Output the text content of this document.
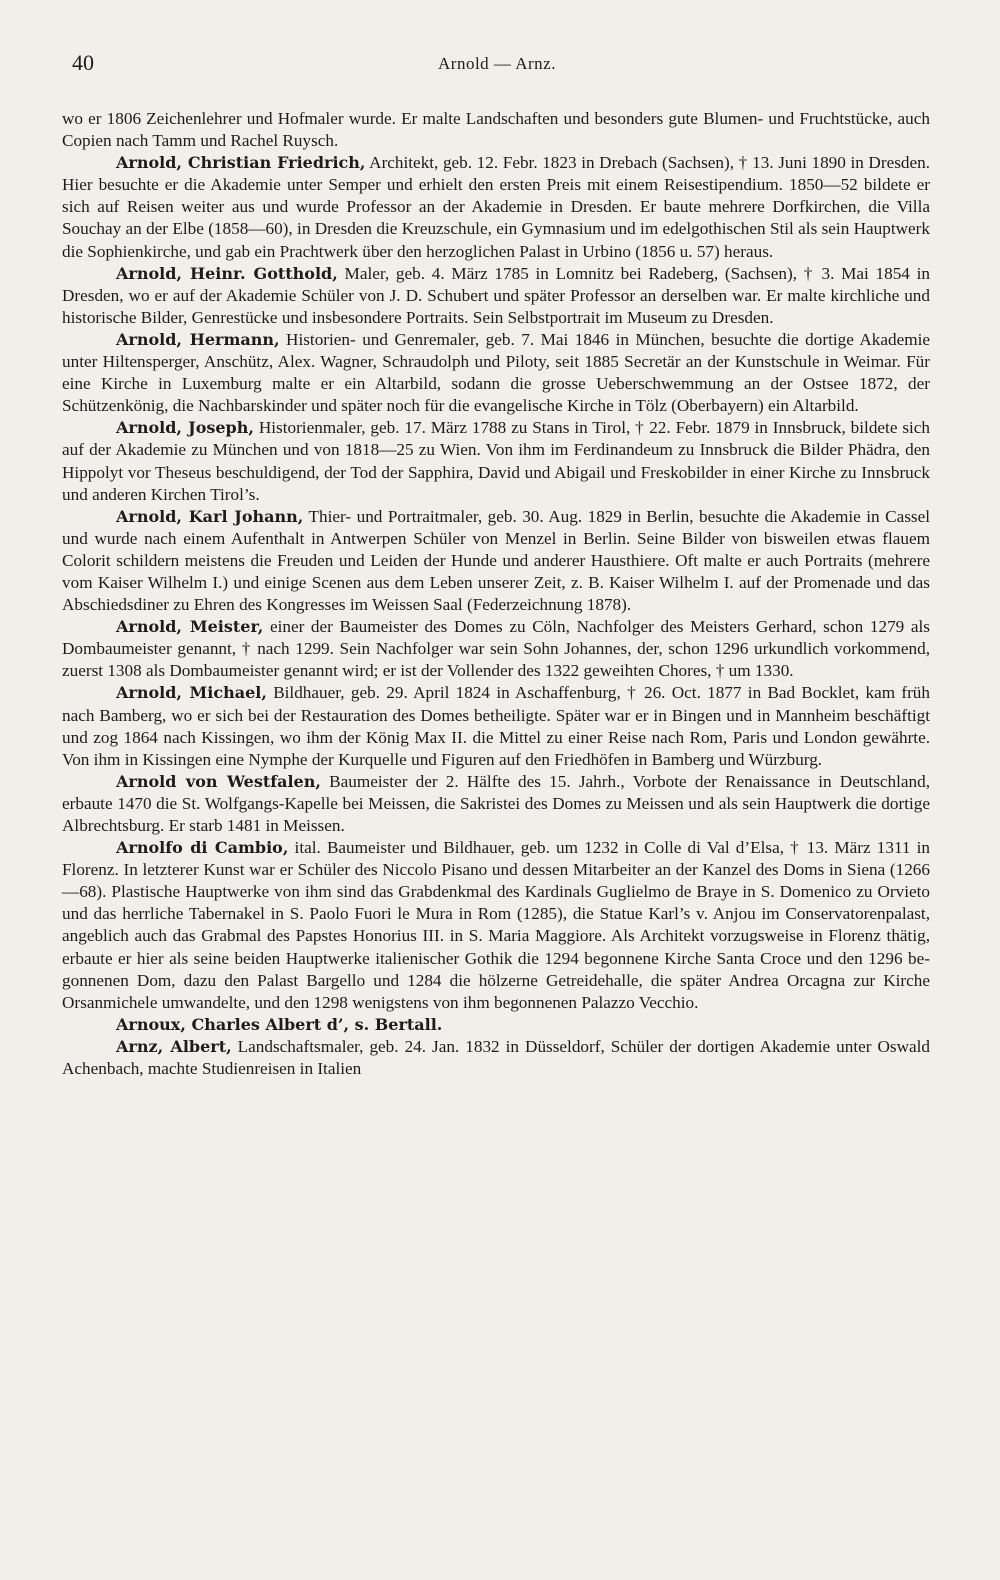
40	Arnold — Arnz.

wo er 1806 Zeichenlehrer und Hofmaler wurde. Er malte Landschaften und besonders gute Blumen- und Fruchtstücke, auch Copien nach Tamm und Rachel Ruysch.

Arnold, Christian Friedrich, Architekt, geb. 12. Febr. 1823 in Drebach (Sachsen), † 13. Juni 1890 in Dresden. Hier besuchte er die Akademie unter Semper und erhielt den ersten Preis mit einem Reisestipendium. 1850—52 bildete er sich auf Reisen weiter aus und wurde Professor an der Akademie in Dresden. Er baute mehrere Dorfkirchen, die Villa Souchay an der Elbe (1858—60), in Dresden die Kreuzschule, ein Gymnasium und im edelgothischen Stil als sein Hauptwerk die Sophienkirche, und gab ein Prachtwerk über den herzoglichen Palast in Urbino (1856 u. 57) heraus.

Arnold, Heinr. Gotthold, Maler, geb. 4. März 1785 in Lomnitz bei Radeberg, (Sachsen), † 3. Mai 1854 in Dresden, wo er auf der Akademie Schüler von J. D. Schubert und später Professor an derselben war. Er malte kirchliche und historische Bilder, Genrestücke und insbesondere Portraits. Sein Selbstportrait im Museum zu Dresden.

Arnold, Hermann, Historien- und Genremaler, geb. 7. Mai 1846 in München, besuchte die dortige Akademie unter Hiltensperger, Anschütz, Alex. Wagner, Schraudolph und Piloty, seit 1885 Secretär an der Kunstschule in Weimar. Für eine Kirche in Luxemburg malte er ein Altarbild, sodann die grosse Ueberschwemmung an der Ostsee 1872, der Schützenkönig, die Nachbarskinder und später noch für die evangelische Kirche in Tölz (Oberbayern) ein Altarbild.

Arnold, Joseph, Historienmaler, geb. 17. März 1788 zu Stans in Tirol, † 22. Febr. 1879 in Innsbruck, bildete sich auf der Akademie zu München und von 1818—25 zu Wien. Von ihm im Ferdinandeum zu Innsbruck die Bilder Phädra, den Hippolyt vor Theseus beschuldigend, der Tod der Sapphira, David und Abigail und Freskobilder in einer Kirche zu Innsbruck und anderen Kirchen Tirol’s.

Arnold, Karl Johann, Thier- und Portraitmaler, geb. 30. Aug. 1829 in Berlin, besuchte die Akademie in Cassel und wurde nach einem Aufenthalt in Antwerpen Schüler von Menzel in Berlin. Seine Bilder von bisweilen etwas flauem Colorit schildern meistens die Freuden und Leiden der Hunde und anderer Hausthiere. Oft malte er auch Portraits (mehrere vom Kaiser Wilhelm I.) und einige Scenen aus dem Leben unserer Zeit, z. B. Kaiser Wilhelm I. auf der Promenade und das Abschiedsdiner zu Ehren des Kongresses im Weissen Saal (Federzeichnung 1878).

Arnold, Meister, einer der Baumeister des Domes zu Cöln, Nachfolger des Meisters Gerhard, schon 1279 als Dombaumeister genannt, † nach 1299. Sein Nachfolger war sein Sohn Johannes, der, schon 1296 urkundlich vorkommend, zuerst 1308 als Dombaumeister genannt wird; er ist der Vollender des 1322 geweihten Chores, † um 1330.

Arnold, Michael, Bildhauer, geb. 29. April 1824 in Aschaffenburg, † 26. Oct. 1877 in Bad Bocklet, kam früh nach Bamberg, wo er sich bei der Restauration des Domes betheiligte. Später war er in Bingen und in Mannheim beschäftigt und zog 1864 nach Kissingen, wo ihm der König Max II. die Mittel zu einer Reise nach Rom, Paris und London gewährte. Von ihm in Kissingen eine Nymphe der Kurquelle und Figuren auf den Friedhöfen in Bamberg und Würzburg.

Arnold von Westfalen, Baumeister der 2. Hälfte des 15. Jahrh., Vorbote der Renaissance in Deutschland, erbaute 1470 die St. Wolfgangs-Kapelle bei Meissen, die Sakristei des Domes zu Meissen und als sein Hauptwerk die dortige Albrechtsburg. Er starb 1481 in Meissen.

Arnolfo di Cambio, ital. Baumeister und Bildhauer, geb. um 1232 in Colle di Val d’Elsa, † 13. März 1311 in Florenz. In letzterer Kunst war er Schüler des Niccolo Pisano und dessen Mitarbeiter an der Kanzel des Doms in Siena (1266—68). Plastische Hauptwerke von ihm sind das Grabdenkmal des Kardinals Guglielmo de Braye in S. Domenico zu Orvieto und das herrliche Tabernakel in S. Paolo Fuori le Mura in Rom (1285), die Statue Karl’s v. Anjou im Conservatorenpalast, angeblich auch das Grabmal des Papstes Honorius III. in S. Maria Maggiore. Als Architekt vorzugsweise in Florenz thätig, erbaute er hier als seine beiden Hauptwerke italienischer Gothik die 1294 begonnene Kirche Santa Croce und den 1296 begonnenen Dom, dazu den Palast Bargello und 1284 die hölzerne Getreidehalle, die später Andrea Orcagna zur Kirche Orsanmichele umwandelte, und den 1298 wenigstens von ihm begonnenen Palazzo Vecchio.

Arnoux, Charles Albert d’, s. Bertall.

Arnz, Albert, Landschaftsmaler, geb. 24. Jan. 1832 in Düsseldorf, Schüler der dortigen Akademie unter Oswald Achenbach, machte Studienreisen in Italien
